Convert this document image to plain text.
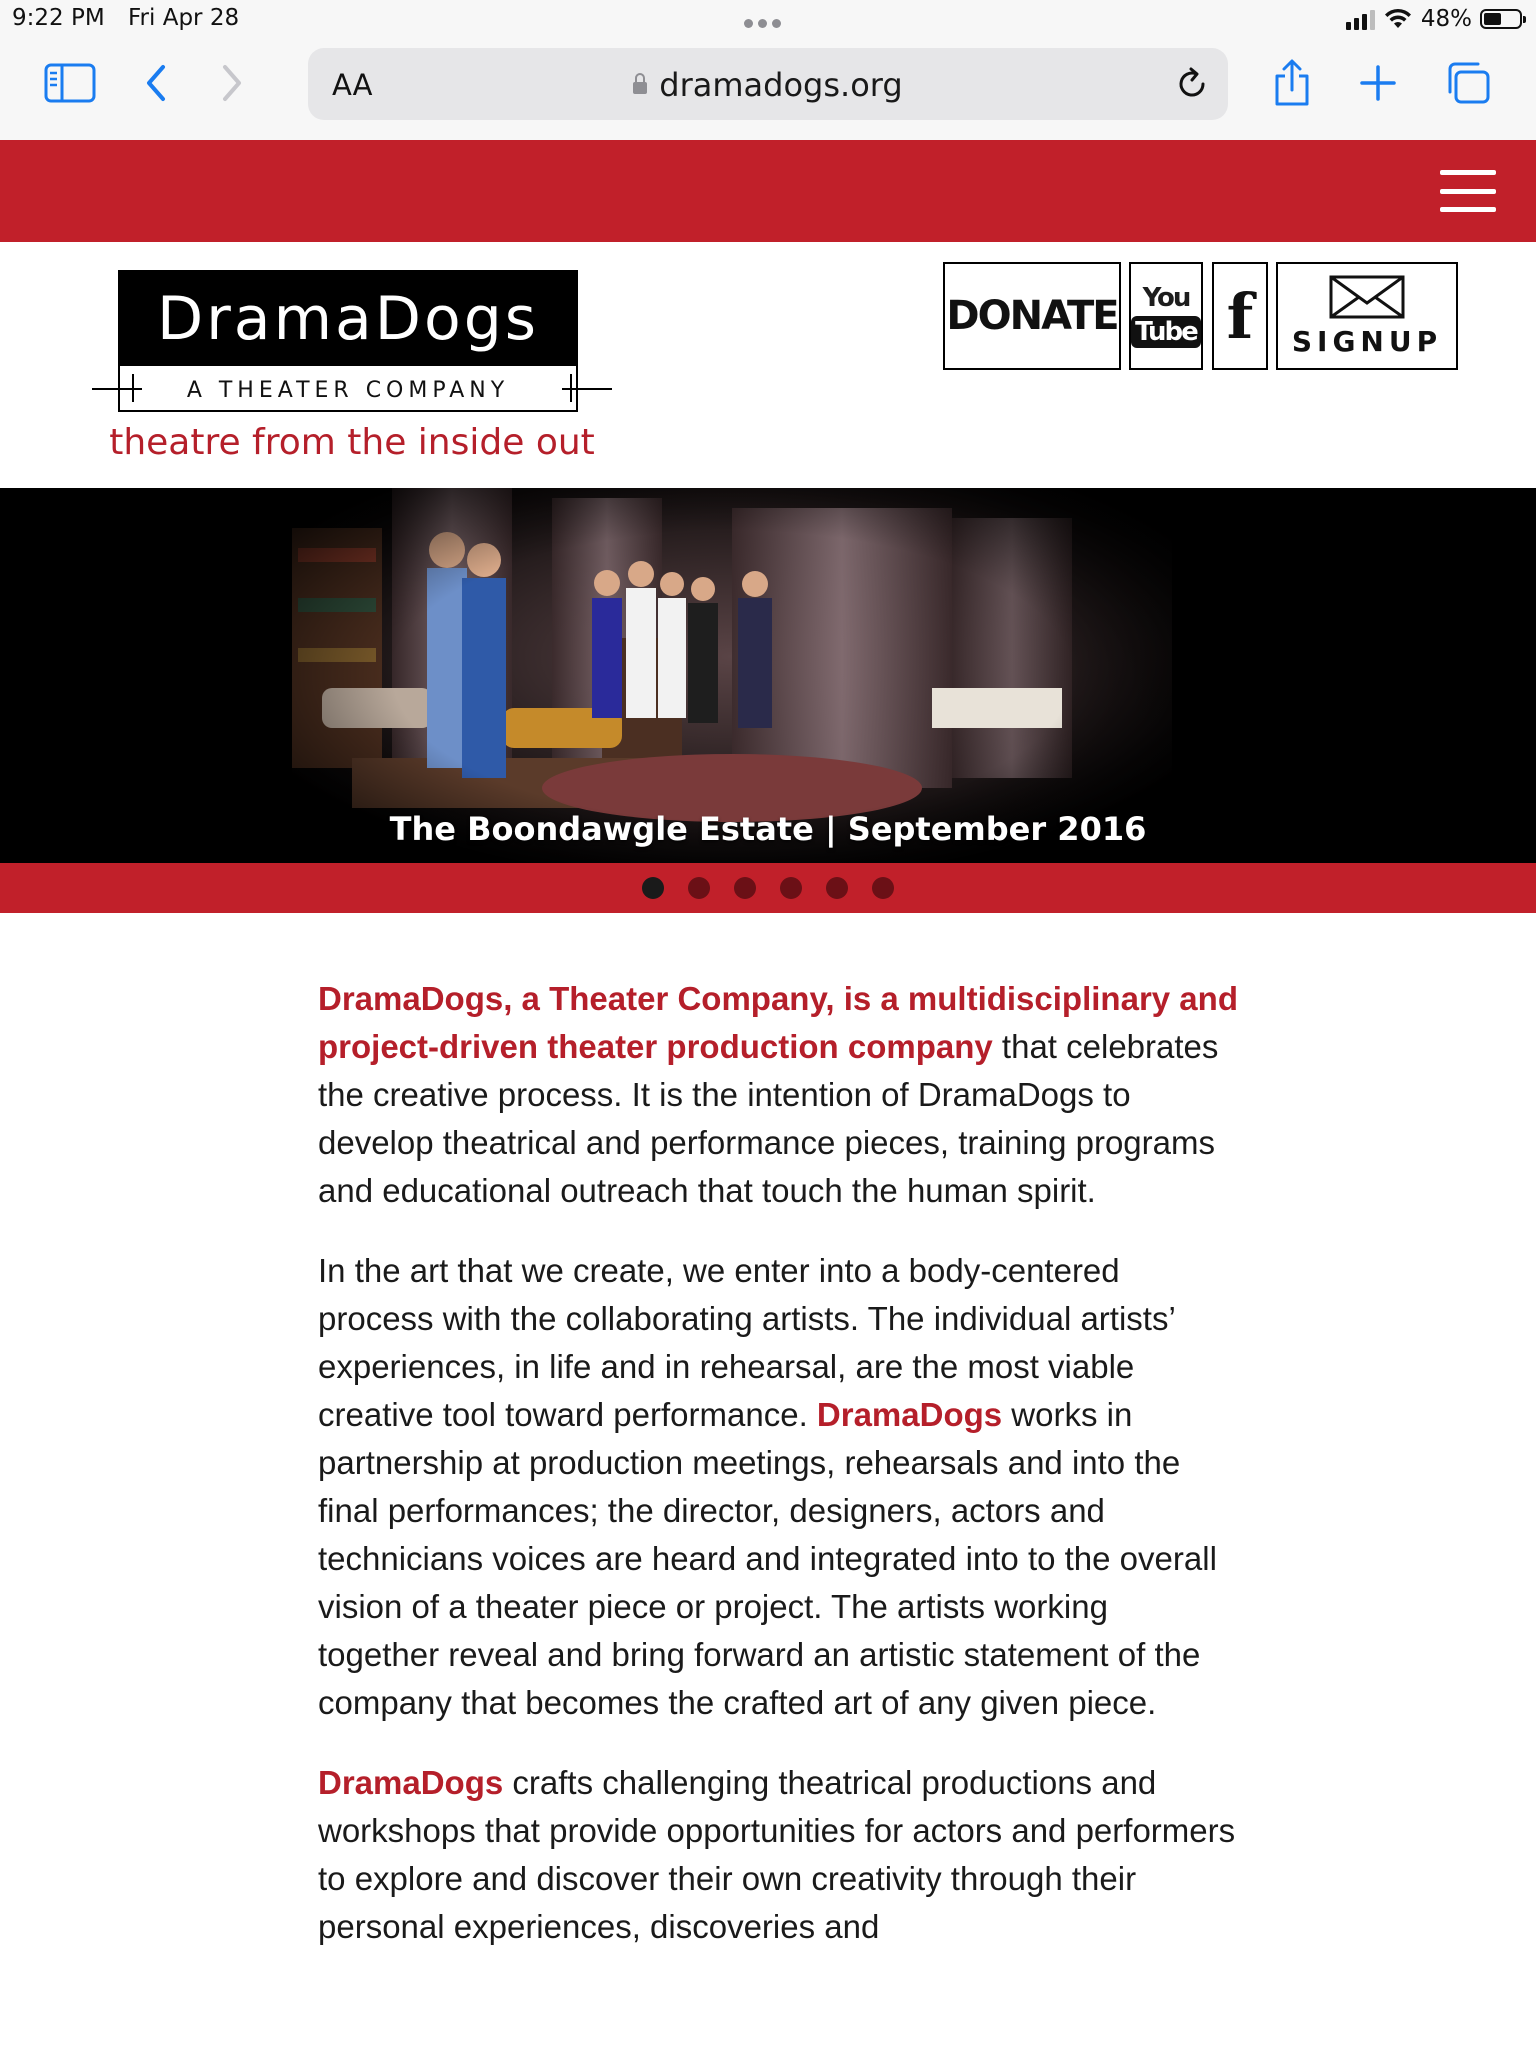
9:22 PM Fri Apr 28	48%
AA	dramadogs.org
DramaDogs
A THEATER COMPANY
theatre from the inside out
DONATE You
Tube f SIGNUP
The Boondawgle Estate | September 2016

DramaDogs, a Theater Company, is a multidisciplinary and project-driven theater production company that celebrates the creative process. It is the intention of DramaDogs to develop theatrical and performance pieces, training programs and educational outreach that touch the human spirit.

In the art that we create, we enter into a body-centered process with the collaborating artists. The individual artists’ experiences, in life and in rehearsal, are the most viable creative tool toward performance. DramaDogs works in partnership at production meetings, rehearsals and into the final performances; the director, designers, actors and technicians voices are heard and integrated into to the overall vision of a theater piece or project. The artists working together reveal and bring forward an artistic statement of the company that becomes the crafted art of any given piece.

DramaDogs crafts challenging theatrical productions and workshops that provide opportunities for actors and performers to explore and discover their own creativity through their personal experiences, discoveries and
